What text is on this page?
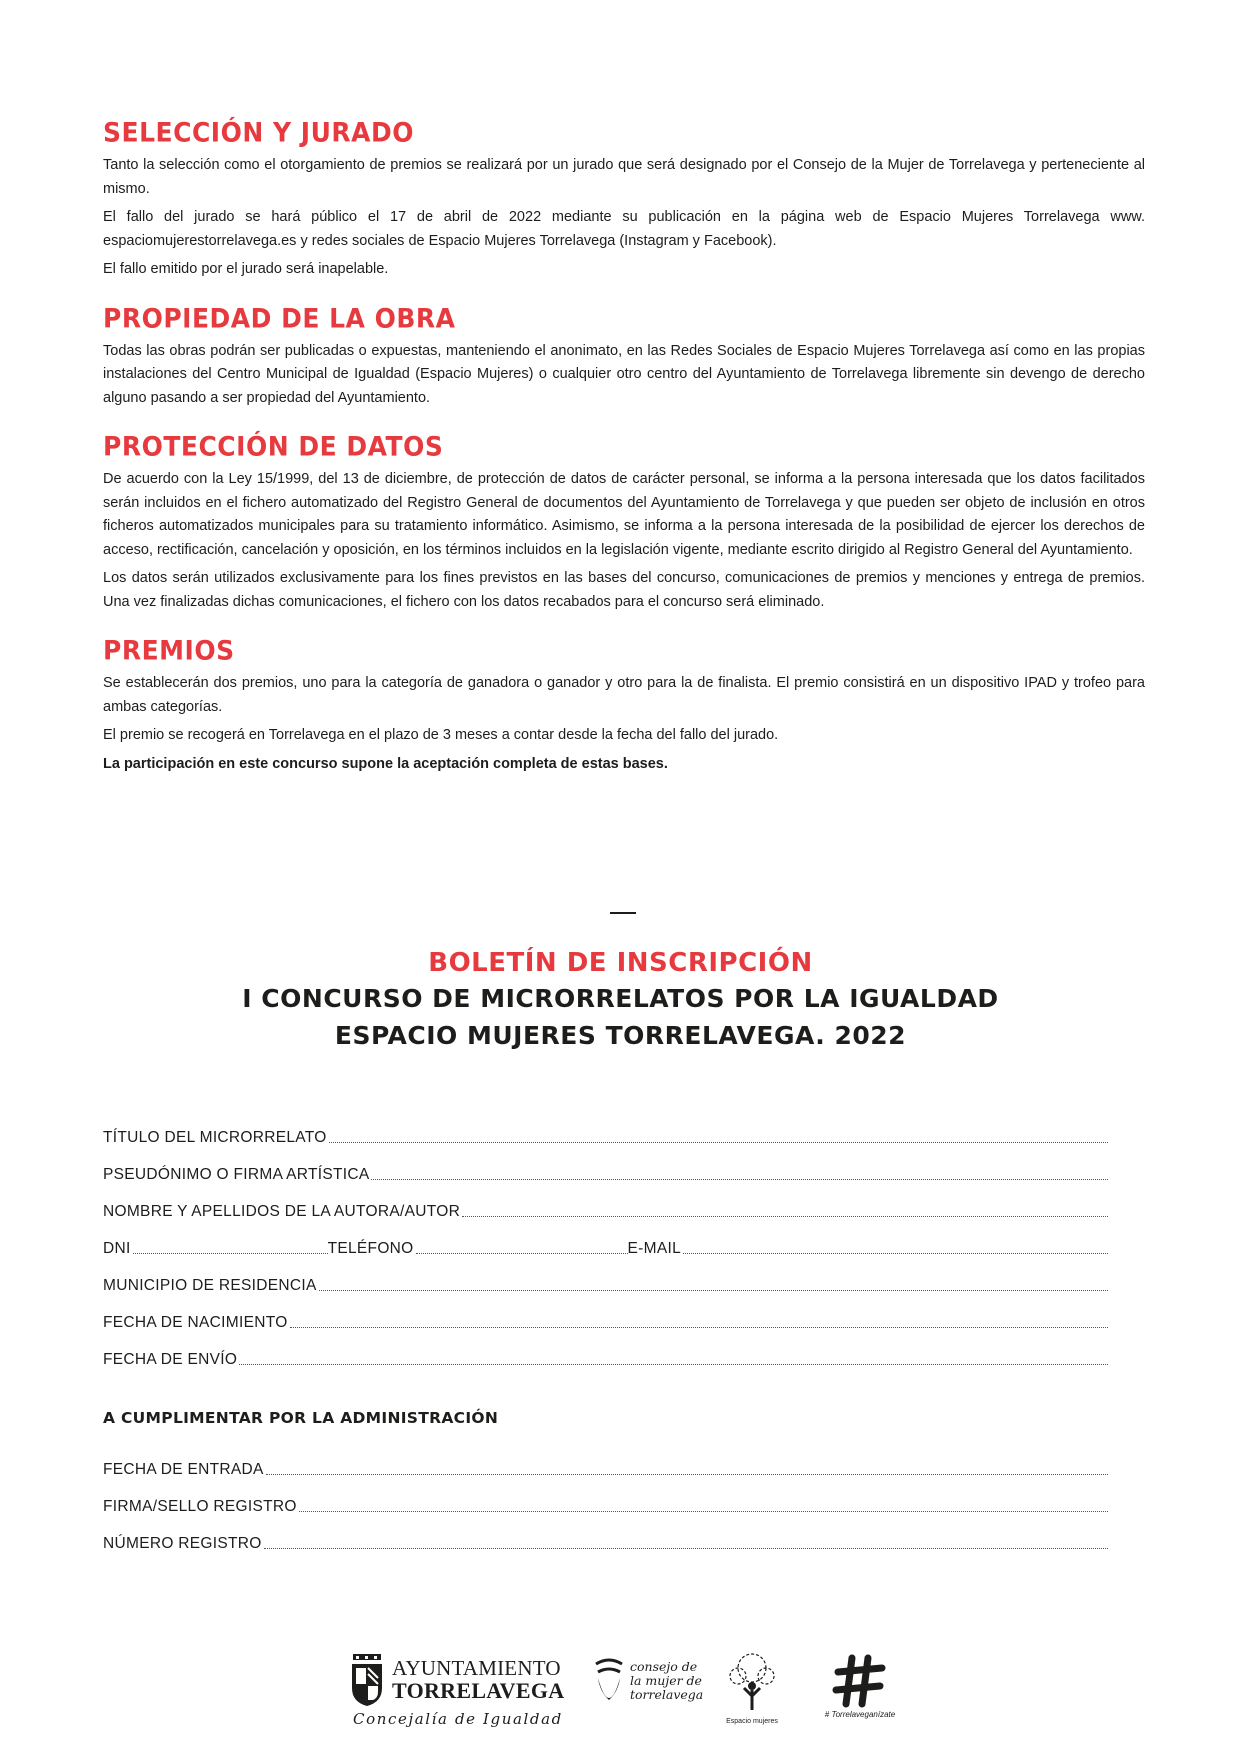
SELECCIÓN Y JURADO

Tanto la selección como el otorgamiento de premios se realizará por un jurado que será designado por el Consejo de la Mujer de Torrelavega y perteneciente al mismo.

El fallo del jurado se hará público el 17 de abril de 2022 mediante su publicación en la página web de Espacio Mujeres Torrelavega www. espaciomujerestorrelavega.es y redes sociales de Espacio Mujeres Torrelavega (Instagram y Facebook).

El fallo emitido por el jurado será inapelable.

PROPIEDAD DE LA OBRA

Todas las obras podrán ser publicadas o expuestas, manteniendo el anonimato, en las Redes Sociales de Espacio Mujeres Torrelavega así como en las propias instalaciones del Centro Municipal de Igualdad (Espacio Mujeres) o cualquier otro centro del Ayuntamiento de Torrelavega libremente sin devengo de derecho alguno pasando a ser propiedad del Ayuntamiento.

PROTECCIÓN DE DATOS

De acuerdo con la Ley 15/1999, del 13 de diciembre, de protección de datos de carácter personal, se informa a la persona interesada que los datos facilitados serán incluidos en el fichero automatizado del Registro General de documentos del Ayuntamiento de Torrelavega y que pueden ser objeto de inclusión en otros ficheros automatizados municipales para su tratamiento informático. Asimismo, se informa a la persona interesada de la posibilidad de ejercer los derechos de acceso, rectificación, cancelación y oposición, en los términos incluidos en la legislación vigente, mediante escrito dirigido al Registro General del Ayuntamiento.

Los datos serán utilizados exclusivamente para los fines previstos en las bases del concurso, comunicaciones de premios y menciones y entrega de premios. Una vez finalizadas dichas comunicaciones, el fichero con los datos recabados para el concurso será eliminado.

PREMIOS

Se establecerán dos premios, uno para la categoría de ganadora o ganador y otro para la de finalista. El premio consistirá en un dispositivo IPAD y trofeo para ambas categorías.

El premio se recogerá en Torrelavega en el plazo de 3 meses a contar desde la fecha del fallo del jurado.

La participación en este concurso supone la aceptación completa de estas bases.

BOLETÍN DE INSCRIPCIÓN
I CONCURSO DE MICRORRELATOS POR LA IGUALDAD
ESPACIO MUJERES TORRELAVEGA. 2022
TÍTULO DEL MICRORRELATO
PSEUDÓNIMO O FIRMA ARTÍSTICA
NOMBRE Y APELLIDOS DE LA AUTORA/AUTOR
DNI	TELÉFONO	E-MAIL
MUNICIPIO DE RESIDENCIA
FECHA DE NACIMIENTO
FECHA DE ENVÍO
A CUMPLIMENTAR POR LA ADMINISTRACIÓN
FECHA DE ENTRADA
FIRMA/SELLO REGISTRO
NÚMERO REGISTRO
AYUNTAMIENTO
TORRELAVEGA
Concejalía de Igualdad
consejo de
la mujer de
torrelavega
Espacio mujeres
# Torrelaveganízate
